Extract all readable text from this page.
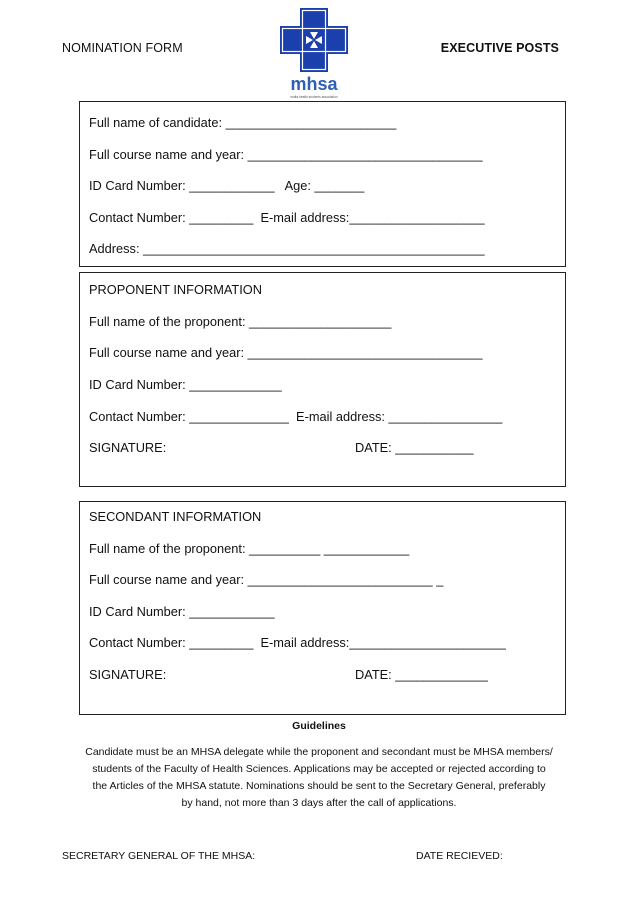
NOMINATION FORM	EXECUTIVE POSTS
mhsa
malta health students association
Full name of candidate: ________________________
Full course name and year: _________________________________
ID Card Number: ____________   Age: _______
Contact Number: _________  E-mail address:___________________
Address: ________________________________________________
PROPONENT INFORMATION
Full name of the proponent: ____________________
Full course name and year: _________________________________
ID Card Number: _____________
Contact Number: ______________  E-mail address: ________________
SIGNATURE:	DATE: ___________
SECONDANT INFORMATION
Full name of the proponent: __________ ____________
Full course name and year: __________________________ _
ID Card Number: ____________
Contact Number: _________  E-mail address:______________________
SIGNATURE:	DATE: _____________
Guidelines
Candidate must be an MHSA delegate while the proponent and secondant must be MHSA members/
students of the Faculty of Health Sciences. Applications may be accepted or rejected according to
the Articles of the MHSA statute. Nominations should be sent to the Secretary General, preferably
by hand, not more than 3 days after the call of applications.
SECRETARY GENERAL OF THE MHSA:	DATE RECIEVED:
